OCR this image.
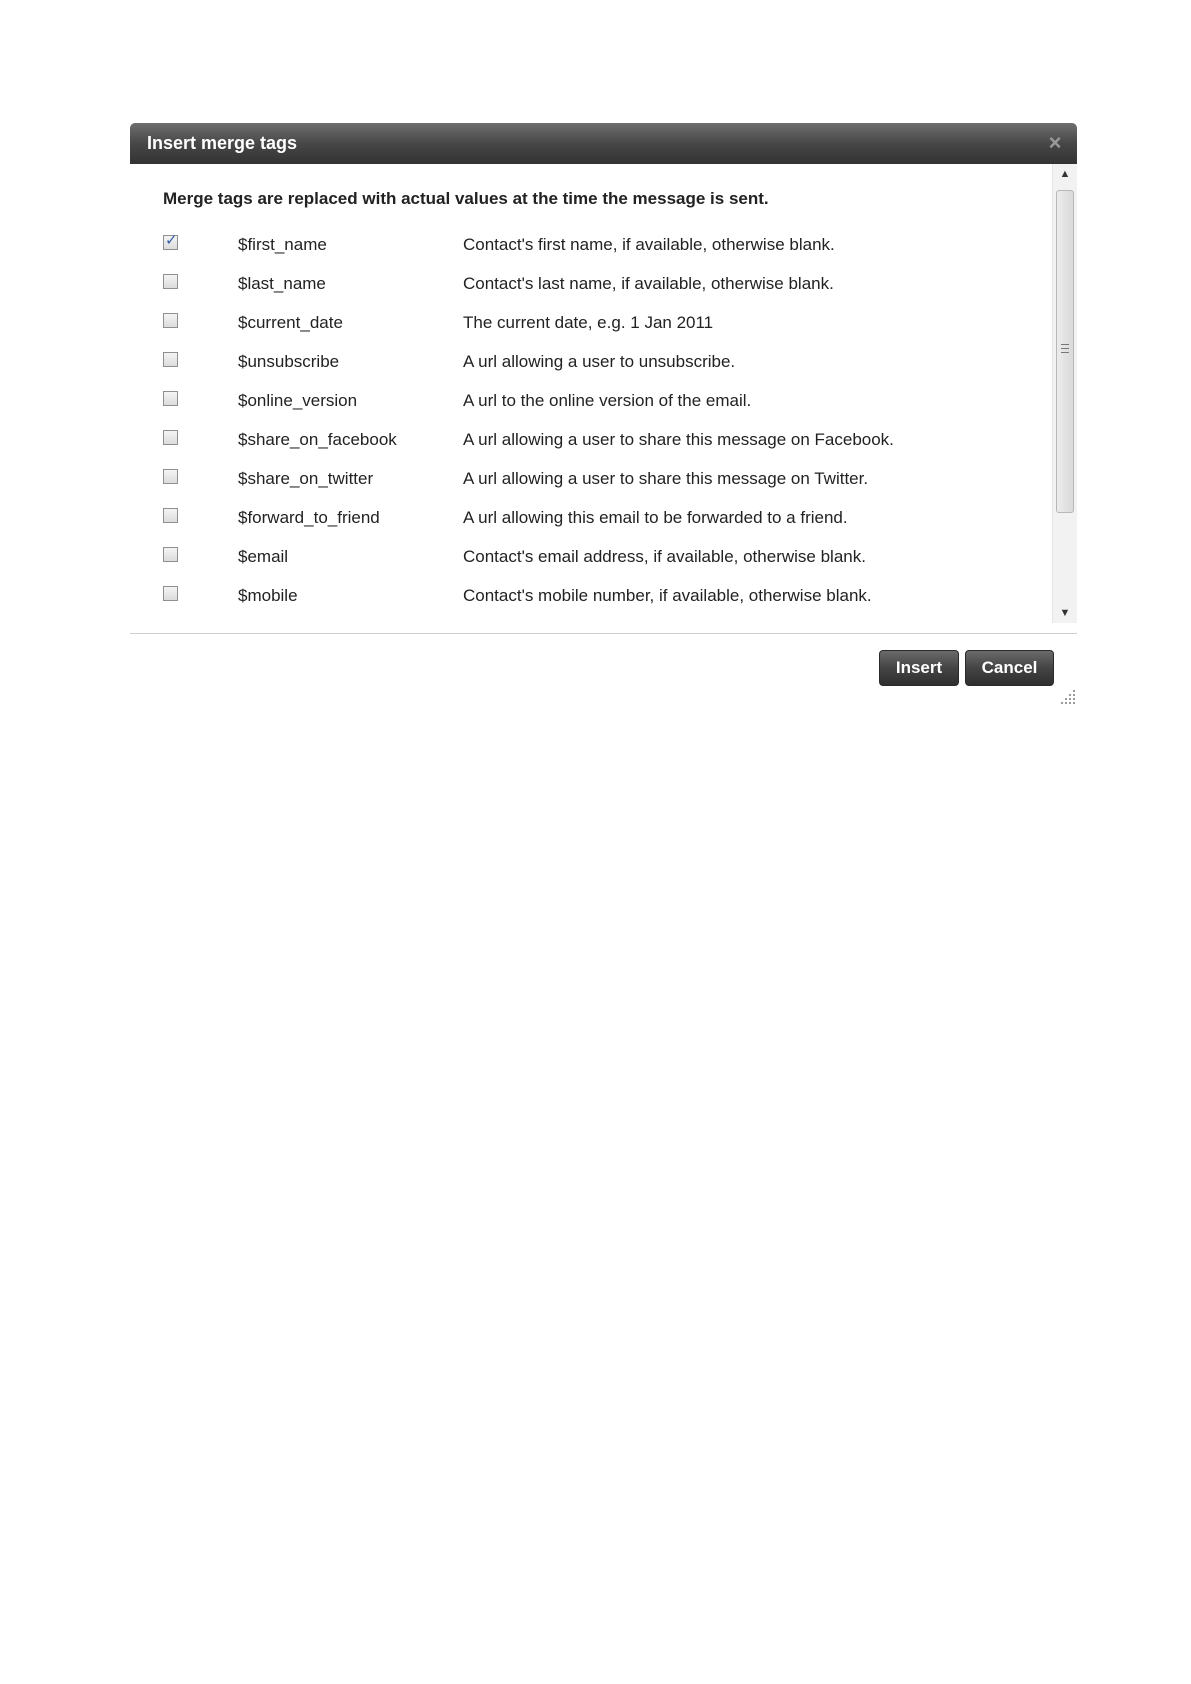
Insert merge tags	×
Merge tags are replaced with actual values at the time the message is sent.
✓	$first_name	Contact's first name, if available, otherwise blank.
$last_name	Contact's last name, if available, otherwise blank.
$current_date	The current date, e.g. 1 Jan 2011
$unsubscribe	A url allowing a user to unsubscribe.
$online_version	A url to the online version of the email.
$share_on_facebook	A url allowing a user to share this message on Facebook.
$share_on_twitter	A url allowing a user to share this message on Twitter.
$forward_to_friend	A url allowing this email to be forwarded to a friend.
$email	Contact's email address, if available, otherwise blank.
$mobile	Contact's mobile number, if available, otherwise blank.
▲
▼
Insert	Cancel
